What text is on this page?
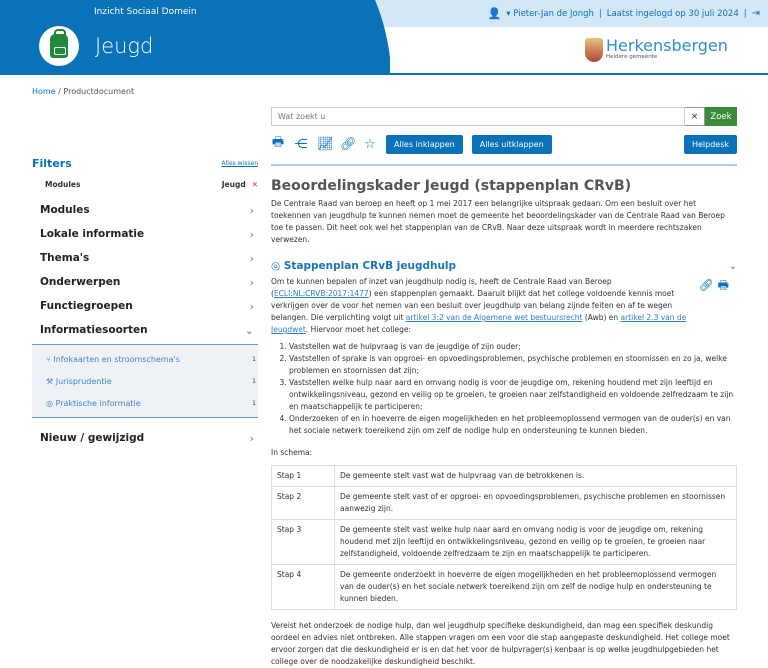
Inzicht Sociaal Domein
Jeugd
👤 ▾ Pieter-Jan de Jongh | Laatst ingelogd op 30 juli 2024 | ⇥
Herkensbergen
Heldere gemeente
Home / Productdocument
Filters	Alles wissen
Modules	Jeugd ✕
Modules	›
Lokale informatie	›
Thema's	›
Onderwerpen	›
Functiegroepen	›
Informatiesoorten	⌄
⑂ Infokaarten en stroomschema's	1
⚒ Jurisprudentie	1
◎ Praktische informatie	1
Nieuw / gewijzigd	›
Wat zoekt u
×	Zoek
🖶 ⋲ 📈︎ 🔗︎ ☆	Alles inklappen	Alles uitklappen	Helpdesk
Beoordelingskader Jeugd (stappenplan CRvB)

De Centrale Raad van beroep en heeft op 1 mei 2017 een belangrijke uitspraak gedaan. Om een besluit over het toekennen van jeugdhulp te kunnen nemen moet de gemeente het beoordelingskader van de Centrale Raad van Beroep toe te passen. Dit heet ook wel het stappenplan van de CRvB. Naar deze uitspraak wordt in meerdere rechtszaken verwezen.

◎ Stappenplan CRvB jeugdhulp	⌄
🔗︎ 🖶

Om te kunnen bepalen of inzet van jeugdhulp nodig is, heeft de Centrale Raad van Beroep (ECLI:NL:CRVB:2017:1477) een stappenplan gemaakt. Daaruit blijkt dat het college voldoende kennis moet verkrijgen over de voor het nemen van een besluit over jeugdhulp van belang zijnde feiten en af te wegen belangen. Die verplichting volgt uit artikel 3:2 van de Algemene wet bestuursrecht (Awb) en artikel 2.3 van de Jeugdwet. Hiervoor moet het college:

1. Vaststellen wat de hulpvraag is van de jeugdige of zijn ouder;
2. Vaststellen of sprake is van opgroei- en opvoedingsproblemen, psychische problemen en stoornissen en zo ja, welke problemen en stoornissen dat zijn;
3. Vaststellen welke hulp naar aard en omvang nodig is voor de jeugdige om, rekening houdend met zijn leeftijd en ontwikkelingsniveau, gezond en veilig op te groeien, te groeien naar zelfstandigheid en voldoende zelfredzaam te zijn en maatschappelijk te participeren;
4. Onderzoeken of en in hoeverre de eigen mogelijkheden en het probleemoplossend vermogen van de ouder(s) en van het sociale netwerk toereikend zijn om zelf de nodige hulp en ondersteuning te kunnen bieden.

In schema:

Stap 1	De gemeente stelt vast wat de hulpvraag van de betrokkenen is.
Stap 2	De gemeente stelt vast of er opgroei- en opvoedingsproblemen, psychische problemen en stoornissen aanwezig zijn.
Stap 3	De gemeente stelt vast welke hulp naar aard en omvang nodig is voor de jeugdige om, rekening houdend met zijn leeftijd en ontwikkelingsniveau, gezond en veilig op te groeien, te groeien naar zelfstandigheid, voldoende zelfredzaam te zijn en maatschappelijk te participeren.
Stap 4	De gemeente onderzoekt in hoeverre de eigen mogelijkheden en het probleemoplossend vermogen van de ouder(s) en het sociale netwerk toereikend zijn om zelf de nodige hulp en ondersteuning te kunnen bieden.

Vereist het onderzoek de nodige hulp, dan wel jeugdhulp specifieke deskundigheid, dan mag een specifiek deskundig oordeel en advies niet ontbreken. Alle stappen vragen om een voor die stap aangepaste deskundigheid. Het college moet ervoor zorgen dat die deskundigheid er is en dat het voor de hulpvrager(s) kenbaar is op welke jeugdhulpgebieden het college over de noodzakelijke deskundigheid beschikt.
